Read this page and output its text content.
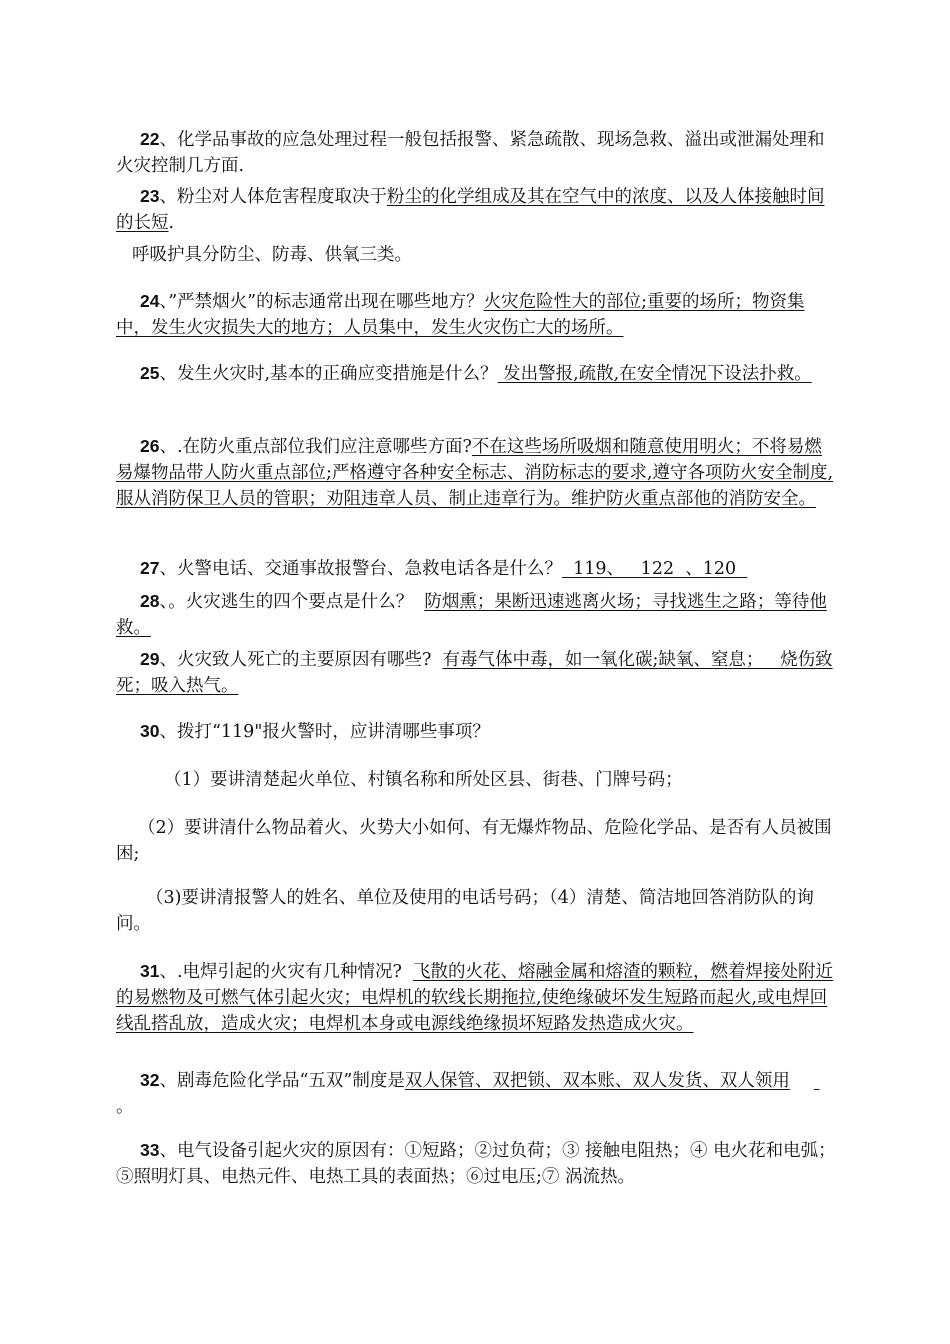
22、化学品事故的应急处理过程一般包括报警、紧急疏散、现场急救、溢出或泄漏处理和火灾控制几方面.

23、粉尘对人体危害程度取决于粉尘的化学组成及其在空气中的浓度、以及人体接触时间的长短.

呼吸护具分防尘、防毒、供氧三类。

24、”严禁烟火”的标志通常出现在哪些地方？火灾危险性大的部位;重要的场所；物资集中，发生火灾损失大的地方；人员集中，发生火灾伤亡大的场所。

25、发生火灾时,基本的正确应变措施是什么？ 发出警报,疏散,在安全情况下设法扑救。

26、.在防火重点部位我们应注意哪些方面?不在这些场所吸烟和随意使用明火；不将易燃易爆物品带人防火重点部位;严格遵守各种安全标志、消防标志的要求,遵守各项防火安全制度,服从消防保卫人员的管职；劝阻违章人员、制止违章行为。维护防火重点部他的消防安全。

27、火警电话、交通事故报警台、急救电话各是什么？  119、   122  、120

28、。火灾逃生的四个要点是什么？  防烟熏；果断迅速逃离火场；寻找逃生之路；等待他救。

29、火灾致人死亡的主要原因有哪些?  有毒气体中毒，如一氧化碳;缺氧、窒息；   烧伤致死；吸入热气。

30、拨打“119"报火警时，应讲清哪些事项？

（1）要讲清楚起火单位、村镇名称和所处区县、街巷、门牌号码；

（2）要讲清什么物品着火、火势大小如何、有无爆炸物品、危险化学品、是否有人员被围困;

（3)要讲清报警人的姓名、单位及使用的电话号码；（4）清楚、简洁地回答消防队的询问。

31、.电焊引起的火灾有几种情况?  飞散的火花、熔融金属和熔渣的颗粒，燃着焊接处附近的易燃物及可燃气体引起火灾；电焊机的软线长期拖拉,使绝缘破坏发生短路而起火,或电焊回线乱搭乱放，造成火灾；电焊机本身或电源线绝缘损坏短路发热造成火灾。

32、剧毒危险化学品“五双”制度是双人保管、双把锁、双本账、双人发货、双人领用 。

33、电气设备引起火灾的原因有：①短路；②过负荷；③ 接触电阻热；④ 电火花和电弧；⑤照明灯具、电热元件、电热工具的表面热；⑥过电压;⑦ 涡流热。
